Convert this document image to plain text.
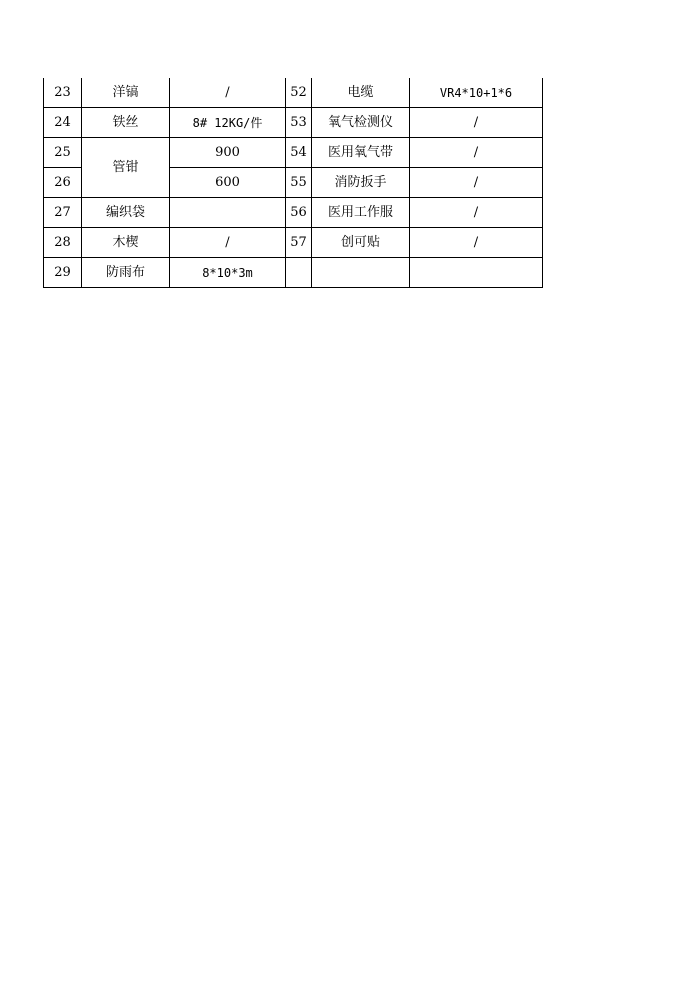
23	洋镐	/	52	电缆	VR4*10+1*6
24	铁丝	8# 12KG/件	53	氧气检测仪	/
25	管钳	900	54	医用氧气带	/
26		600	55	消防扳手	/
27	编织袋		56	医用工作服	/
28	木楔	/	57	创可贴	/
29	防雨布	8*10*3m			
